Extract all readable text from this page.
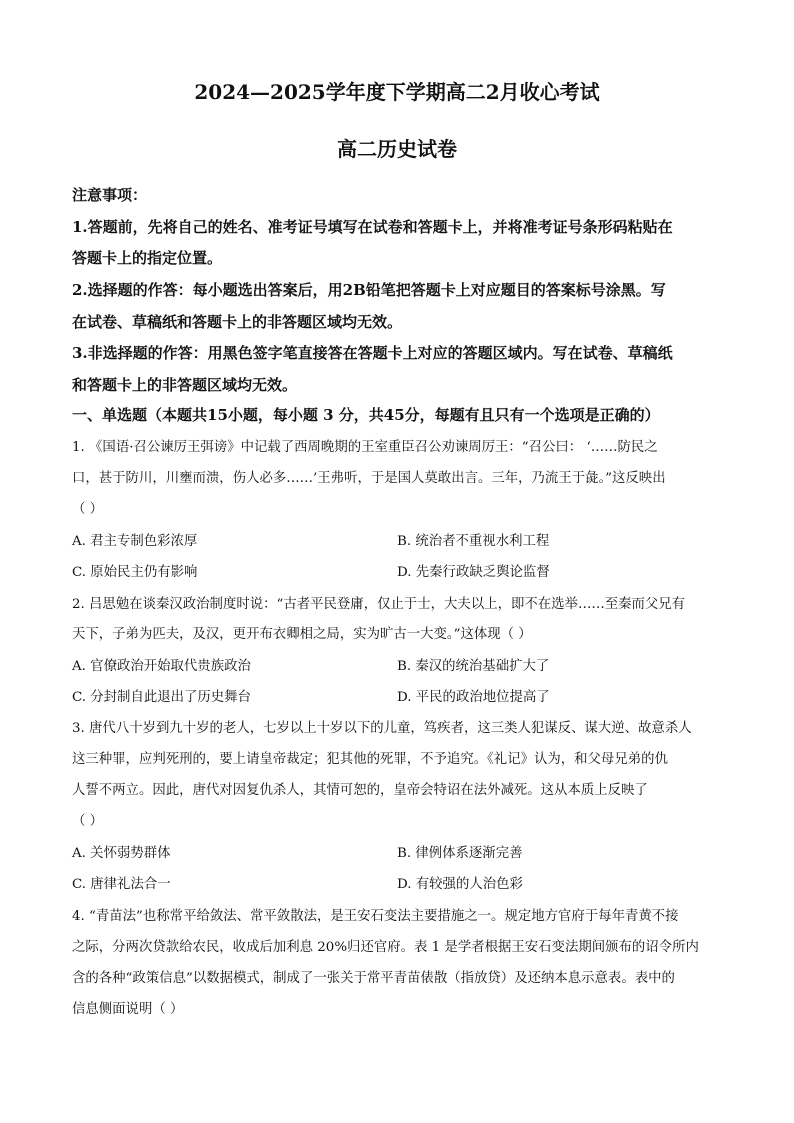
2024—2025学年度下学期高二2月收心考试
高二历史试卷
注意事项：
1.答题前，先将自己的姓名、准考证号填写在试卷和答题卡上，并将准考证号条形码粘贴在
答题卡上的指定位置。
2.选择题的作答：每小题选出答案后，用2B铅笔把答题卡上对应题目的答案标号涂黑。写
在试卷、草稿纸和答题卡上的非答题区域均无效。
3.非选择题的作答：用黑色签字笔直接答在答题卡上对应的答题区域内。写在试卷、草稿纸
和答题卡上的非答题区域均无效。
一、单选题（本题共15小题，每小题 3 分，共45分，每题有且只有一个选项是正确的）
1. 《国语·召公谏厉王弭谤》中记载了西周晚期的王室重臣召公劝谏周厉王：“召公曰： ‘……防民之
口，甚于防川，川壅而溃，伤人必多……’王弗听，于是国人莫敢出言。三年，乃流王于彘。”这反映出
（ ）
A. 君主专制色彩浓厚	B. 统治者不重视水利工程
C. 原始民主仍有影响	D. 先秦行政缺乏舆论监督
2. 吕思勉在谈秦汉政治制度时说：“古者平民登庸，仅止于士，大夫以上，即不在选举……至秦而父兄有
天下，子弟为匹夫，及汉，更开布衣卿相之局，实为旷古一大变。”这体现（ ）
A. 官僚政治开始取代贵族政治	B. 秦汉的统治基础扩大了
C. 分封制自此退出了历史舞台	D. 平民的政治地位提高了
3. 唐代八十岁到九十岁的老人，七岁以上十岁以下的儿童，笃疾者，这三类人犯谋反、谋大逆、故意杀人
这三种罪，应判死刑的，要上请皇帝裁定；犯其他的死罪，不予追究。《礼记》认为，和父母兄弟的仇
人誓不两立。因此，唐代对因复仇杀人，其情可恕的，皇帝会特诏在法外减死。这从本质上反映了
（ ）
A. 关怀弱势群体	B. 律例体系逐渐完善
C. 唐律礼法合一	D. 有较强的人治色彩
4. “青苗法”也称常平给敛法、常平敛散法，是王安石变法主要措施之一。规定地方官府于每年青黄不接
之际，分两次贷款给农民，收成后加利息 20%归还官府。表 1 是学者根据王安石变法期间颁布的诏令所内
含的各种“政策信息”以数据模式，制成了一张关于常平青苗俵散（指放贷）及还纳本息示意表。表中的
信息侧面说明（ ）
